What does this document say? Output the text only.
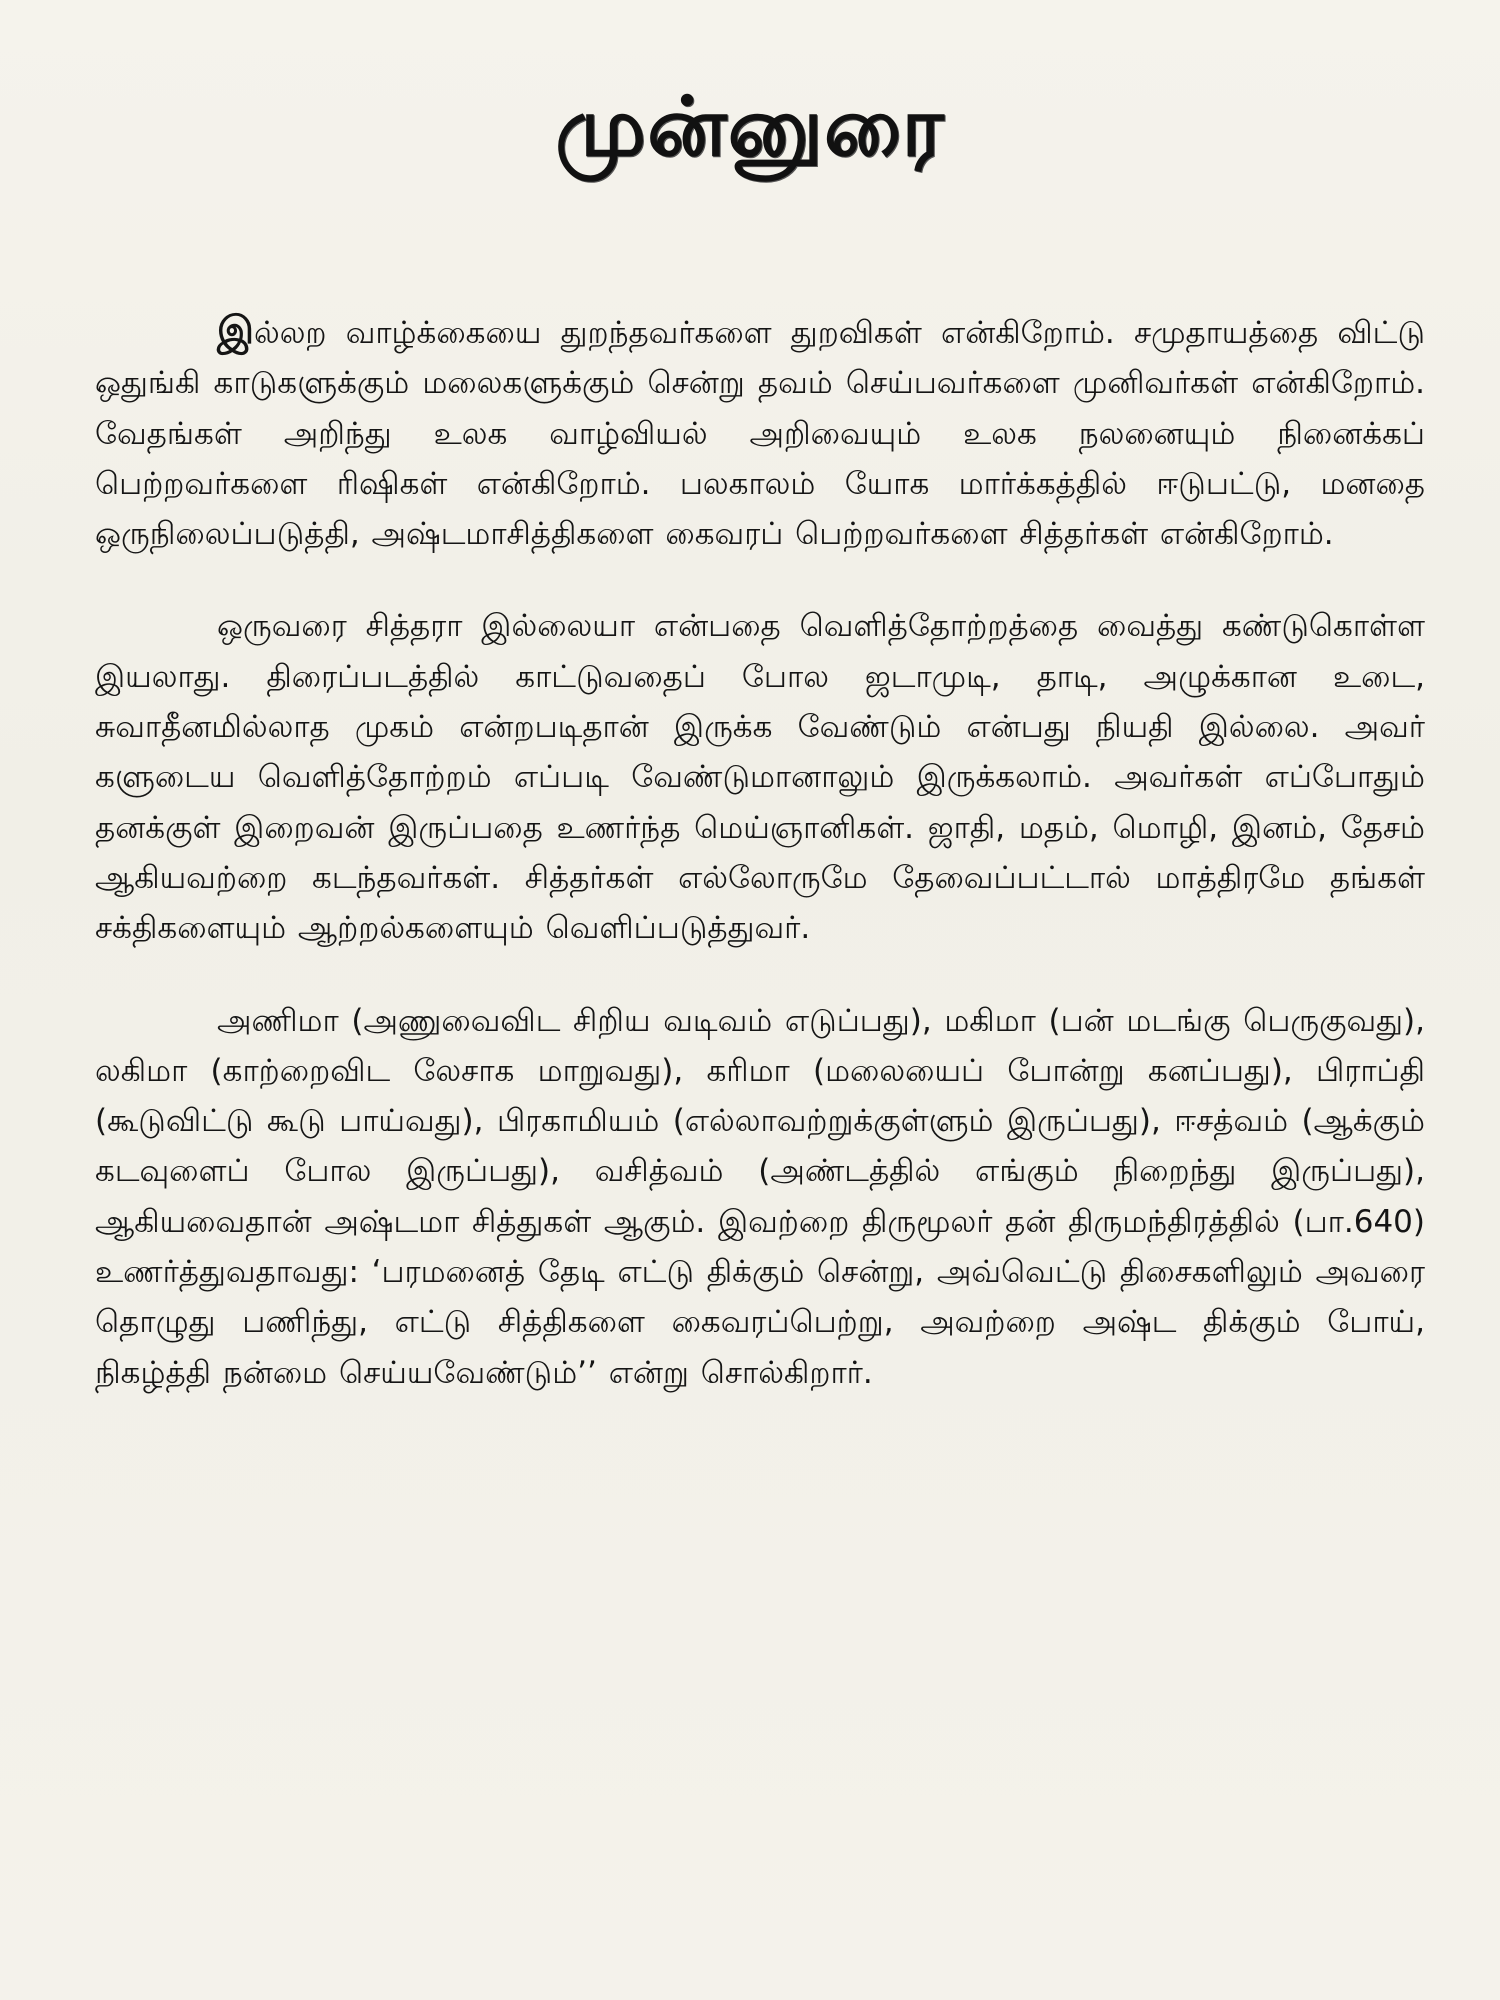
முன்னுரை

இல்லற வாழ்க்கையை துறந்தவர்களை துறவிகள் என்கிறோம். சமுதாயத்தை விட்டு ஒதுங்கி காடுகளுக்கும் மலைகளுக்கும் சென்று தவம் செய்பவர்களை முனிவர்கள் என்கிறோம். வேதங்கள் அறிந்து உலக வாழ்வியல் அறிவையும் உலக நலனையும் நினைக்கப் பெற்றவர்களை ரிஷிகள் என்கிறோம். பலகாலம் யோக மார்க்கத்தில் ஈடுபட்டு, மனதை ஒருநிலைப்படுத்தி, அஷ்டமாசித்திகளை கைவரப் பெற்றவர்களை சித்தர்கள் என்கிறோம்.

ஒருவரை சித்தரா இல்லையா என்பதை வெளித்தோற்றத்தை வைத்து கண்டுகொள்ள இயலாது. திரைப்படத்தில் காட்டுவதைப் போல ஜடாமுடி, தாடி, அழுக்கான உடை, சுவாதீனமில்லாத முகம் என்றபடிதான் இருக்க வேண்டும் என்பது நியதி இல்லை. அவர் களுடைய வெளித்தோற்றம் எப்படி வேண்டுமானாலும் இருக்கலாம். அவர்கள் எப்போதும் தனக்குள் இறைவன் இருப்பதை உணர்ந்த மெய்ஞானிகள். ஜாதி, மதம், மொழி, இனம், தேசம் ஆகியவற்றை கடந்தவர்கள். சித்தர்கள் எல்லோருமே தேவைப்பட்டால் மாத்திரமே தங்கள் சக்திகளையும் ஆற்றல்களையும் வெளிப்படுத்துவர்.

அணிமா (அணுவைவிட சிறிய வடிவம் எடுப்பது), மகிமா (பன் மடங்கு பெருகுவது), லகிமா (காற்றைவிட லேசாக மாறுவது), கரிமா (மலையைப் போன்று கனப்பது), பிராப்தி (கூடுவிட்டு கூடு பாய்வது), பிரகாமியம் (எல்லாவற்றுக்குள்ளும் இருப்பது), ஈசத்வம் (ஆக்கும் கடவுளைப் போல இருப்பது), வசித்வம் (அண்டத்தில் எங்கும் நிறைந்து இருப்பது), ஆகியவைதான் அஷ்டமா சித்துகள் ஆகும். இவற்றை திருமூலர் தன் திருமந்திரத்தில் (பா.640) உணர்த்துவதாவது: ‘பரமனைத் தேடி எட்டு திக்கும் சென்று, அவ்வெட்டு திசைகளிலும் அவரை தொழுது பணிந்து, எட்டு சித்திகளை கைவரப்பெற்று, அவற்றை அஷ்ட திக்கும் போய், நிகழ்த்தி நன்மை செய்யவேண்டும்’’ என்று சொல்கிறார்.
